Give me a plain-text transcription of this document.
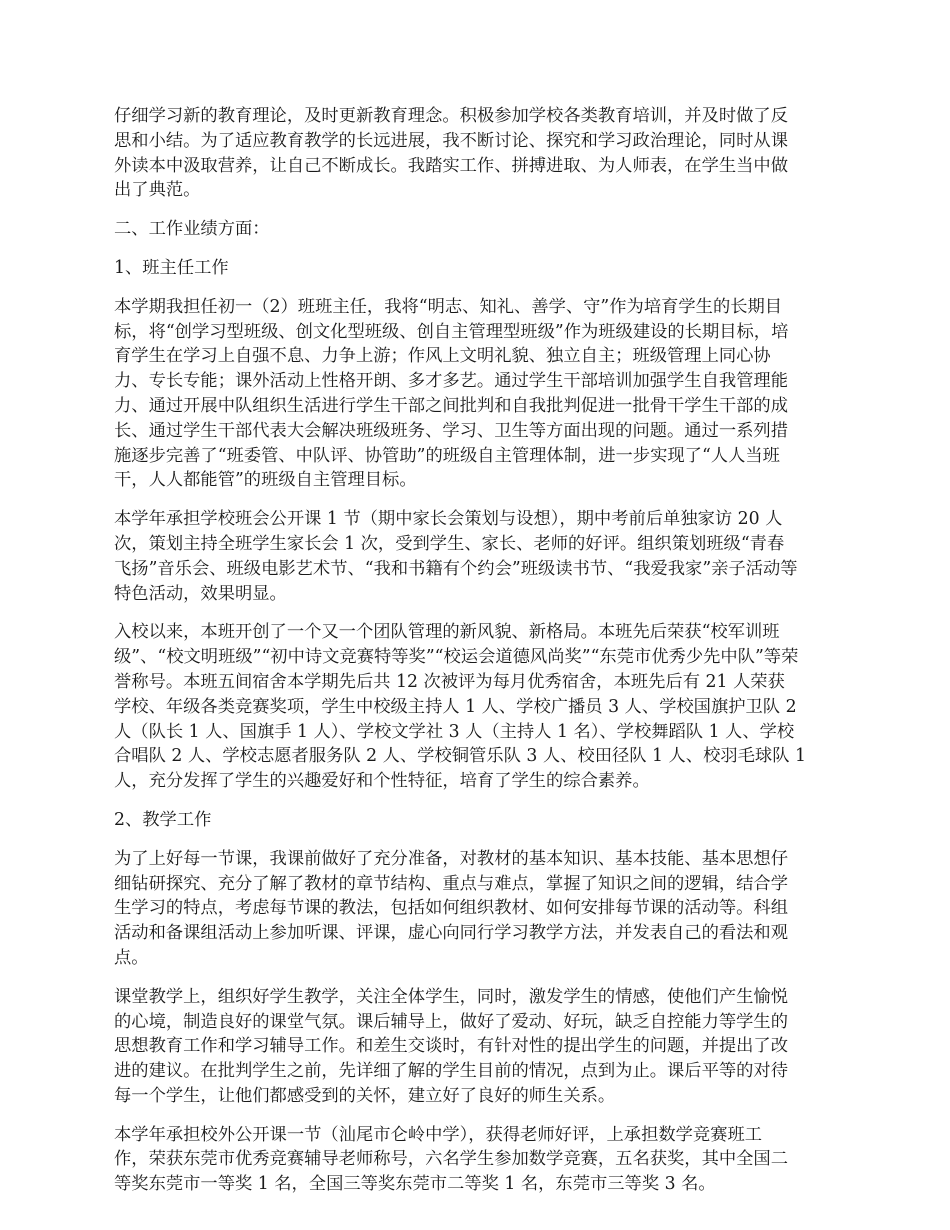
仔细学习新的教育理论，及时更新教育理念。积极参加学校各类教育培训，并及时做了反
思和小结。为了适应教育教学的长远进展，我不断讨论、探究和学习政治理论，同时从课
外读本中汲取营养，让自己不断成长。我踏实工作、拼搏进取、为人师表，在学生当中做
出了典范。

二、工作业绩方面：

1、班主任工作

本学期我担任初一（2）班班主任，我将“明志、知礼、善学、守”作为培育学生的长期目
标，将“创学习型班级、创文化型班级、创自主管理型班级”作为班级建设的长期目标，培
育学生在学习上自强不息、力争上游；作风上文明礼貌、独立自主；班级管理上同心协
力、专长专能；课外活动上性格开朗、多才多艺。通过学生干部培训加强学生自我管理能
力、通过开展中队组织生活进行学生干部之间批判和自我批判促进一批骨干学生干部的成
长、通过学生干部代表大会解决班级班务、学习、卫生等方面出现的问题。通过一系列措
施逐步完善了“班委管、中队评、协管助”的班级自主管理体制，进一步实现了“人人当班
干，人人都能管”的班级自主管理目标。

本学年承担学校班会公开课 1 节（期中家长会策划与设想），期中考前后单独家访 20 人
次，策划主持全班学生家长会 1 次，受到学生、家长、老师的好评。组织策划班级“青春
飞扬”音乐会、班级电影艺术节、“我和书籍有个约会”班级读书节、“我爱我家”亲子活动等
特色活动，效果明显。

入校以来，本班开创了一个又一个团队管理的新风貌、新格局。本班先后荣获“校军训班
级”、“校文明班级”“初中诗文竞赛特等奖”“校运会道德风尚奖”“东莞市优秀少先中队”等荣
誉称号。本班五间宿舍本学期先后共 12 次被评为每月优秀宿舍，本班先后有 21 人荣获
学校、年级各类竞赛奖项，学生中校级主持人 1 人、学校广播员 3 人、学校国旗护卫队 2
人（队长 1 人、国旗手 1 人）、学校文学社 3 人（主持人 1 名）、学校舞蹈队 1 人、学校
合唱队 2 人、学校志愿者服务队 2 人、学校铜管乐队 3 人、校田径队 1 人、校羽毛球队 1
人，充分发挥了学生的兴趣爱好和个性特征，培育了学生的综合素养。

2、教学工作

为了上好每一节课，我课前做好了充分准备，对教材的基本知识、基本技能、基本思想仔
细钻研探究、充分了解了教材的章节结构、重点与难点，掌握了知识之间的逻辑，结合学
生学习的特点，考虑每节课的教法，包括如何组织教材、如何安排每节课的活动等。科组
活动和备课组活动上参加听课、评课，虚心向同行学习教学方法，并发表自己的看法和观
点。

课堂教学上，组织好学生教学，关注全体学生，同时，激发学生的情感，使他们产生愉悦
的心境，制造良好的课堂气氛。课后辅导上，做好了爱动、好玩，缺乏自控能力等学生的
思想教育工作和学习辅导工作。和差生交谈时，有针对性的提出学生的问题，并提出了改
进的建议。在批判学生之前，先详细了解的学生目前的情况，点到为止。课后平等的对待
每一个学生，让他们都感受到的关怀，建立好了良好的师生关系。

本学年承担校外公开课一节（汕尾市仑岭中学），获得老师好评，上承担数学竞赛班工
作，荣获东莞市优秀竞赛辅导老师称号，六名学生参加数学竞赛，五名获奖，其中全国二
等奖东莞市一等奖 1 名，全国三等奖东莞市二等奖 1 名，东莞市三等奖 3 名。
